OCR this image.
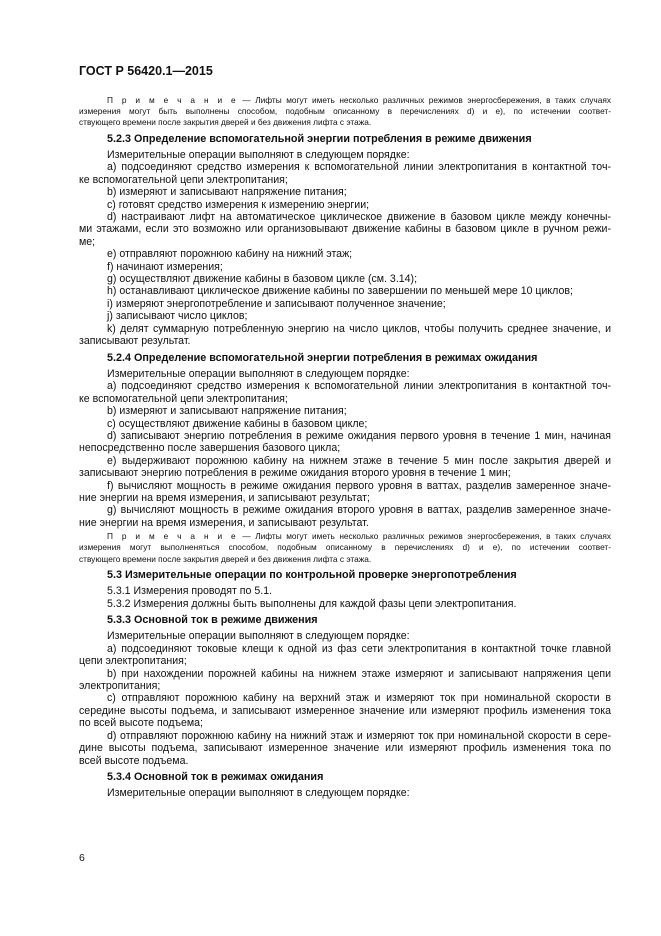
ГОСТ Р 56420.1—2015

П р и м е ч а н и е — Лифты могут иметь несколько различных режимов энергосбережения, в таких случаях

измерения могут быть выполнены способом, подобным описанному в перечислениях d) и е), по истечении соответ-

ствующего времени после закрытия дверей и без движения лифта с этажа.

5.2.3 Определение вспомогательной энергии потребления в режиме движения

Измерительные операции выполняют в следующем порядке:

a) подсоединяют средство измерения к вспомогательной линии электропитания в контактной точ-

ке вспомогательной цепи электропитания;

b) измеряют и записывают напряжение питания;

c) готовят средство измерения к измерению энергии;

d) настраивают лифт на автоматическое циклическое движение в базовом цикле между конечны-

ми этажами, если это возможно или организовывают движение кабины в базовом цикле в ручном режи-

ме;

e) отправляют порожнюю кабину на нижний этаж;

f) начинают измерения;

g) осуществляют движение кабины в базовом цикле (см. 3.14);

h) останавливают циклическое движение кабины по завершении по меньшей мере 10 циклов;

i) измеряют энергопотребление и записывают полученное значение;

j) записывают число циклов;

k) делят суммарную потребленную энергию на число циклов, чтобы получить среднее значение, и

записывают результат.

5.2.4 Определение вспомогательной энергии потребления в режимах ожидания

Измерительные операции выполняют в следующем порядке:

a) подсоединяют средство измерения к вспомогательной линии электропитания в контактной точ-

ке вспомогательной цепи электропитания;

b) измеряют и записывают напряжение питания;

c) осуществляют движение кабины в базовом цикле;

d) записывают энергию потребления в режиме ожидания первого уровня в течение 1 мин, начиная

непосредственно после завершения базового цикла;

e) выдерживают порожнюю кабину на нижнем этаже в течение 5 мин после закрытия дверей и

записывают энергию потребления в режиме ожидания второго уровня в течение 1 мин;

f) вычисляют мощность в режиме ожидания первого уровня в ваттах, разделив замеренное значе-

ние энергии на время измерения, и записывают результат;

g) вычисляют мощность в режиме ожидания второго уровня в ваттах, разделив замеренное значе-

ние энергии на время измерения, и записывают результат.

П р и м е ч а н и е — Лифты могут иметь несколько различных режимов энергосбережения, в таких случаях

измерения могут выполненяться способом, подобным описанному в перечислениях d) и е), по истечении соответ-

ствующего времени после закрытия дверей и без движения лифта с этажа.

5.3 Измерительные операции по контрольной проверке энергопотребления

5.3.1 Измерения проводят по 5.1.

5.3.2 Измерения должны быть выполнены для каждой фазы цепи электропитания.

5.3.3 Основной ток в режиме движения

Измерительные операции выполняют в следующем порядке:

a) подсоединяют токовые клещи к одной из фаз сети электропитания в контактной точке главной

цепи электропитания;

b) при нахождении порожней кабины на нижнем этаже измеряют и записывают напряжения цепи

электропитания;

c) отправляют порожнюю кабину на верхний этаж и измеряют ток при номинальной скорости в

середине высоты подъема, и записывают измеренное значение или измеряют профиль изменения тока

по всей высоте подъема;

d) отправляют порожнюю кабину на нижний этаж и измеряют ток при номинальной скорости в сере-

дине высоты подъема, записывают измеренное значение или измеряют профиль изменения тока по

всей высоте подъема.

5.3.4 Основной ток в режимах ожидания

Измерительные операции выполняют в следующем порядке:

6
